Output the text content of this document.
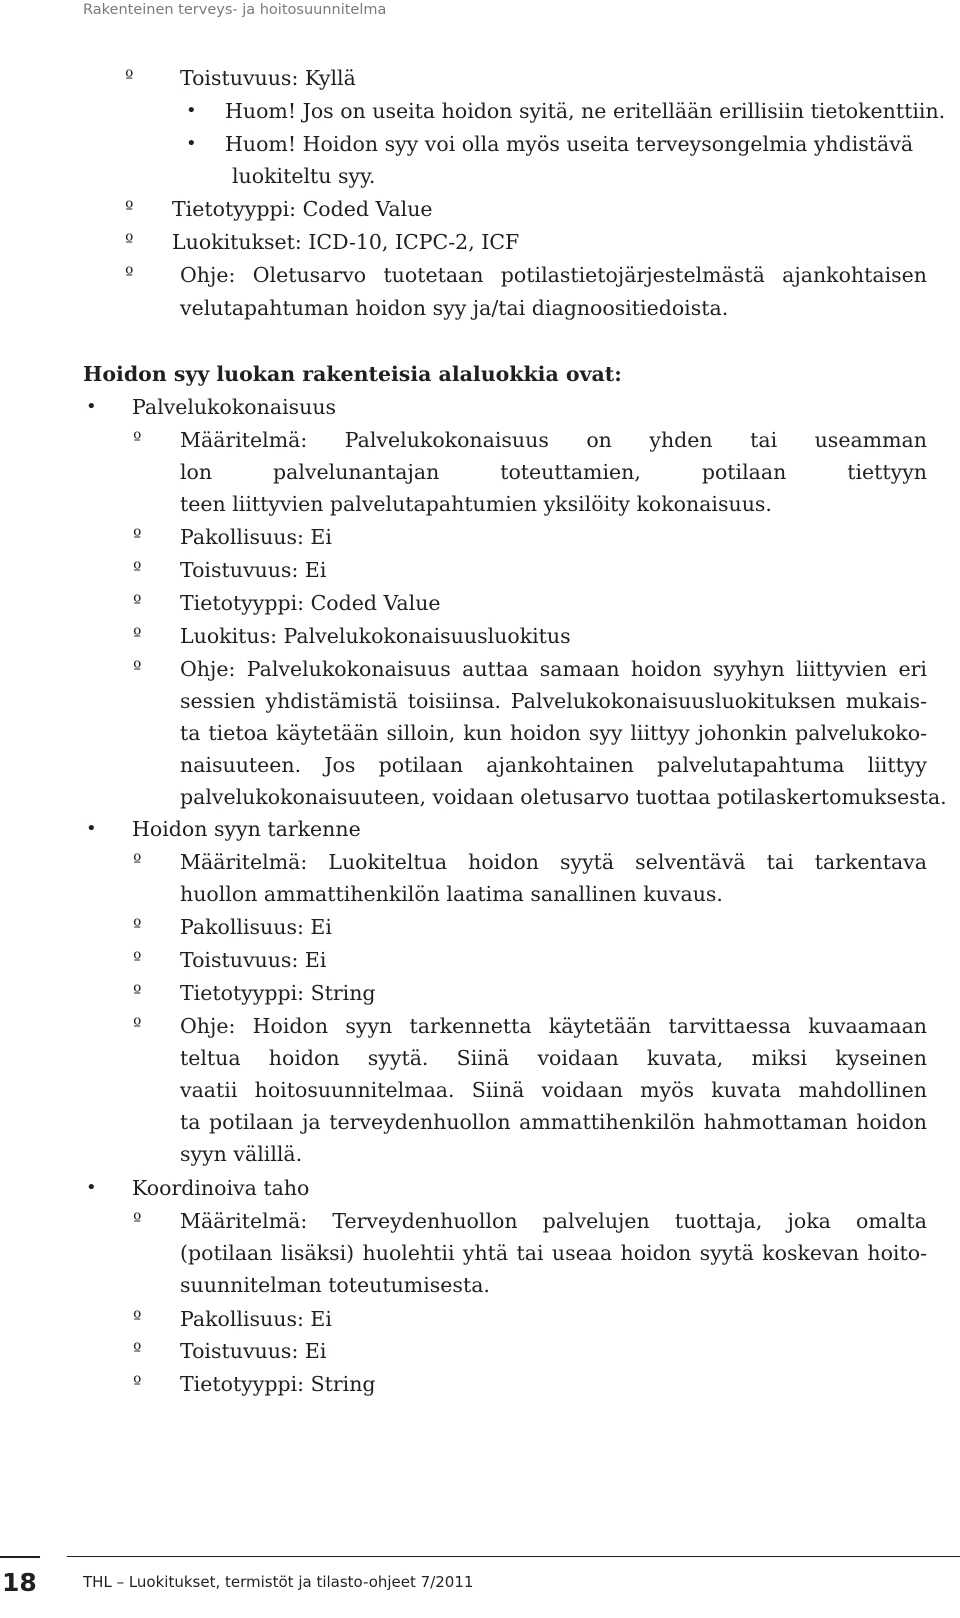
Rakenteinen terveys- ja hoitosuunnitelma
º Toistuvuus: Kyllä
• Huom! Jos on useita hoidon syitä, ne eritellään erillisiin tietokenttiin.
• Huom! Hoidon syy voi olla myös useita terveysongelmia yhdistävä
luokiteltu syy.
º Tietotyyppi: Coded Value
º Luokitukset: ICD-10, ICPC-2, ICF
º Ohje: Oletusarvo tuotetaan potilastietojärjestelmästä ajankohtaisen
velutapahtuman hoidon syy ja/tai diagnoositiedoista.
Hoidon syy luokan rakenteisia alaluokkia ovat:
• Palvelukokonaisuus
º Määritelmä: Palvelukokonaisuus on yhden tai useamman
lon palvelunantajan toteuttamien, potilaan tiettyyn
teen liittyvien palvelutapahtumien yksilöity kokonaisuus.
º Pakollisuus: Ei
º Toistuvuus: Ei
º Tietotyyppi: Coded Value
º Luokitus: Palvelukokonaisuusluokitus
º Ohje: Palvelukokonaisuus auttaa samaan hoidon syyhyn liittyvien eri
sessien yhdistämistä toisiinsa. Palvelukokonaisuusluokituksen mukais-
ta tietoa käytetään silloin, kun hoidon syy liittyy johonkin palvelukoko-
naisuuteen. Jos potilaan ajankohtainen palvelutapahtuma liittyy
palvelukokonaisuuteen, voidaan oletusarvo tuottaa potilaskertomuksesta.
• Hoidon syyn tarkenne
º Määritelmä: Luokiteltua hoidon syytä selventävä tai tarkentava
huollon ammattihenkilön laatima sanallinen kuvaus.
º Pakollisuus: Ei
º Toistuvuus: Ei
º Tietotyyppi: String
º Ohje: Hoidon syyn tarkennetta käytetään tarvittaessa kuvaamaan
teltua hoidon syytä. Siinä voidaan kuvata, miksi kyseinen
vaatii hoitosuunnitelmaa. Siinä voidaan myös kuvata mahdollinen
ta potilaan ja terveydenhuollon ammattihenkilön hahmottaman hoidon
syyn välillä.
• Koordinoiva taho
º Määritelmä: Terveydenhuollon palvelujen tuottaja, joka omalta
(potilaan lisäksi) huolehtii yhtä tai useaa hoidon syytä koskevan hoito-
suunnitelman toteutumisesta.
º Pakollisuus: Ei
º Toistuvuus: Ei
º Tietotyyppi: String
18	THL – Luokitukset, termistöt ja tilasto-ohjeet 7/2011
